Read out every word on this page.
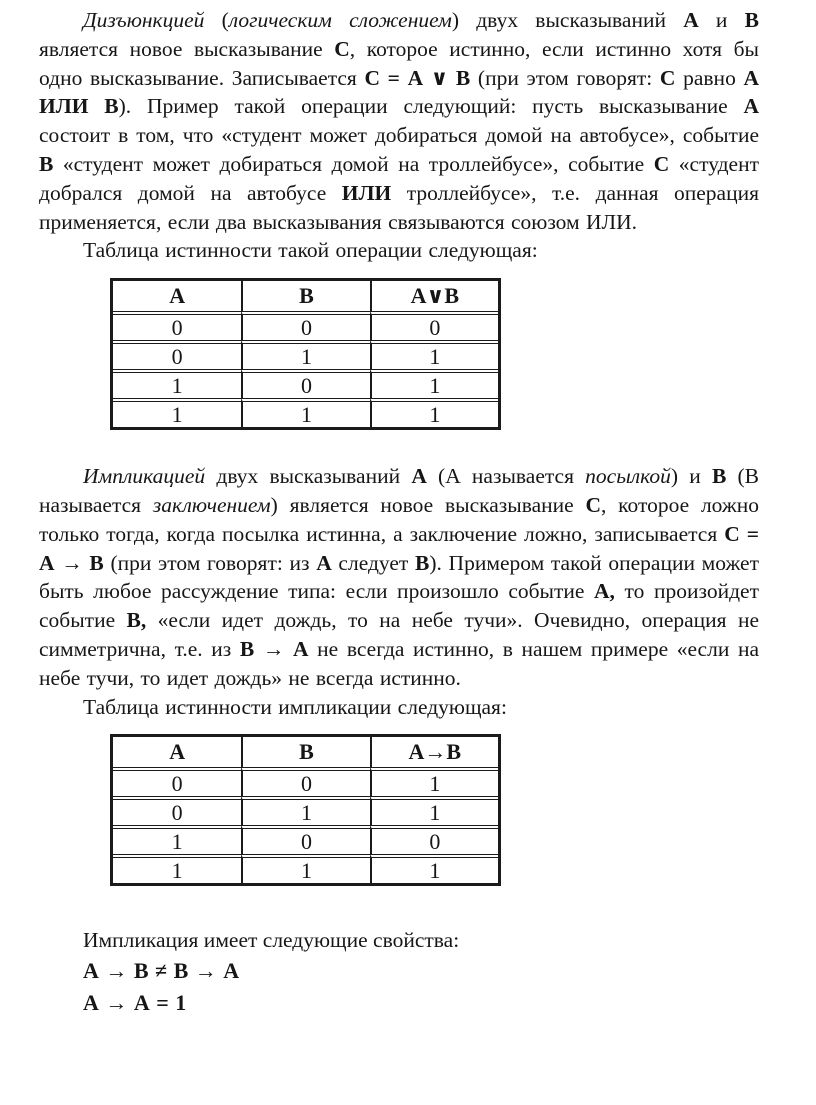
Дизъюнкцией (логическим сложением) двух высказываний А и В является новое высказывание С, которое истинно, если истинно хотя бы одно высказывание. Записывается С = А ∨ В (при этом говорят: С равно А ИЛИ В). Пример такой операции следующий: пусть высказывание А состоит в том, что «студент может добираться домой на автобусе», событие В «студент может добираться домой на троллейбусе», событие С «студент добрался домой на автобусе ИЛИ троллейбусе», т.е. данная операция применяется, если два высказывания связываются союзом ИЛИ.

Таблица истинности такой операции следующая:

А	В	А∨В
0	0	0
0	1	1
1	0	1
1	1	1

Импликацией двух высказываний А (А называется посылкой) и В (В называется заключением) является новое высказывание С, которое ложно только тогда, когда посылка истинна, а заключение ложно, записывается С = А → В (при этом говорят: из А следует В). Примером такой операции может быть любое рассуждение типа: если произошло событие А, то произойдет событие В, «если идет дождь, то на небе тучи». Очевидно, операция не симметрична, т.е. из В → А не всегда истинно, в нашем примере «если на небе тучи, то идет дождь» не всегда истинно.

Таблица истинности импликации следующая:

А	В	А→В
0	0	1
0	1	1
1	0	0
1	1	1

Импликация имеет следующие свойства:

А → В ≠ В → А

А → А = 1
